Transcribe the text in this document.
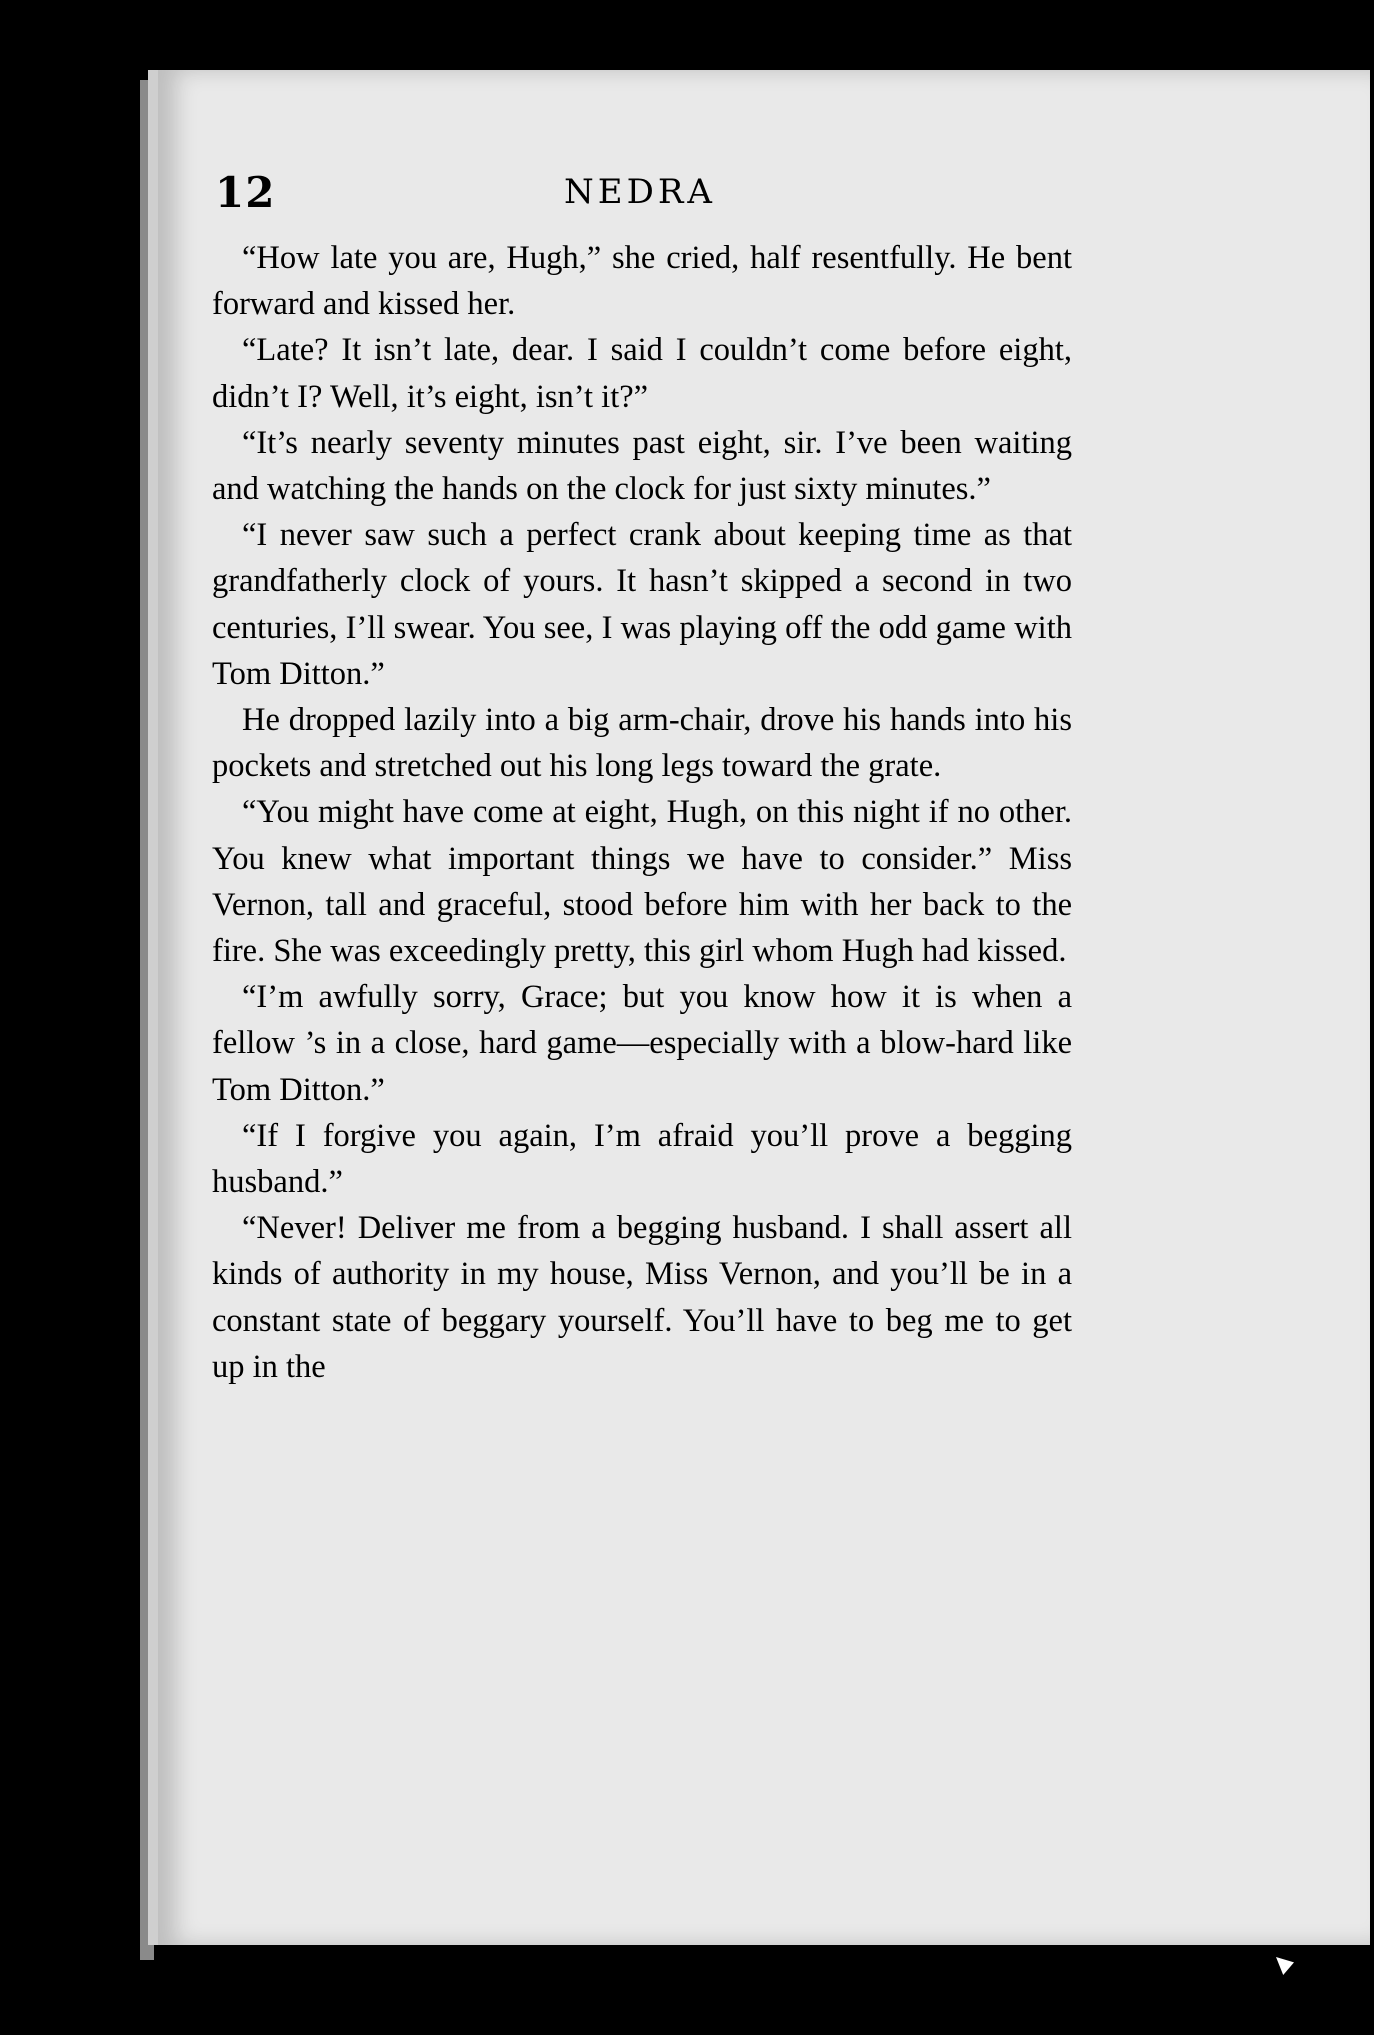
12	NEDRA

“How late you are, Hugh,” she cried, half resentfully. He bent forward and kissed her.

“Late? It isn’t late, dear. I said I couldn’t come before eight, didn’t I? Well, it’s eight, isn’t it?”

“It’s nearly seventy minutes past eight, sir. I’ve been waiting and watching the hands on the clock for just sixty minutes.”

“I never saw such a perfect crank about keeping time as that grandfatherly clock of yours. It hasn’t skipped a second in two centuries, I’ll swear. You see, I was playing off the odd game with Tom Ditton.”

He dropped lazily into a big arm-chair, drove his hands into his pockets and stretched out his long legs toward the grate.

“You might have come at eight, Hugh, on this night if no other. You knew what important things we have to consider.” Miss Vernon, tall and graceful, stood before him with her back to the fire. She was exceedingly pretty, this girl whom Hugh had kissed.

“I’m awfully sorry, Grace; but you know how it is when a fellow ’s in a close, hard game—especially with a blow-hard like Tom Ditton.”

“If I forgive you again, I’m afraid you’ll prove a begging husband.”

“Never! Deliver me from a begging husband. I shall assert all kinds of authority in my house, Miss Vernon, and you’ll be in a constant state of beggary yourself. You’ll have to beg me to get up in the
